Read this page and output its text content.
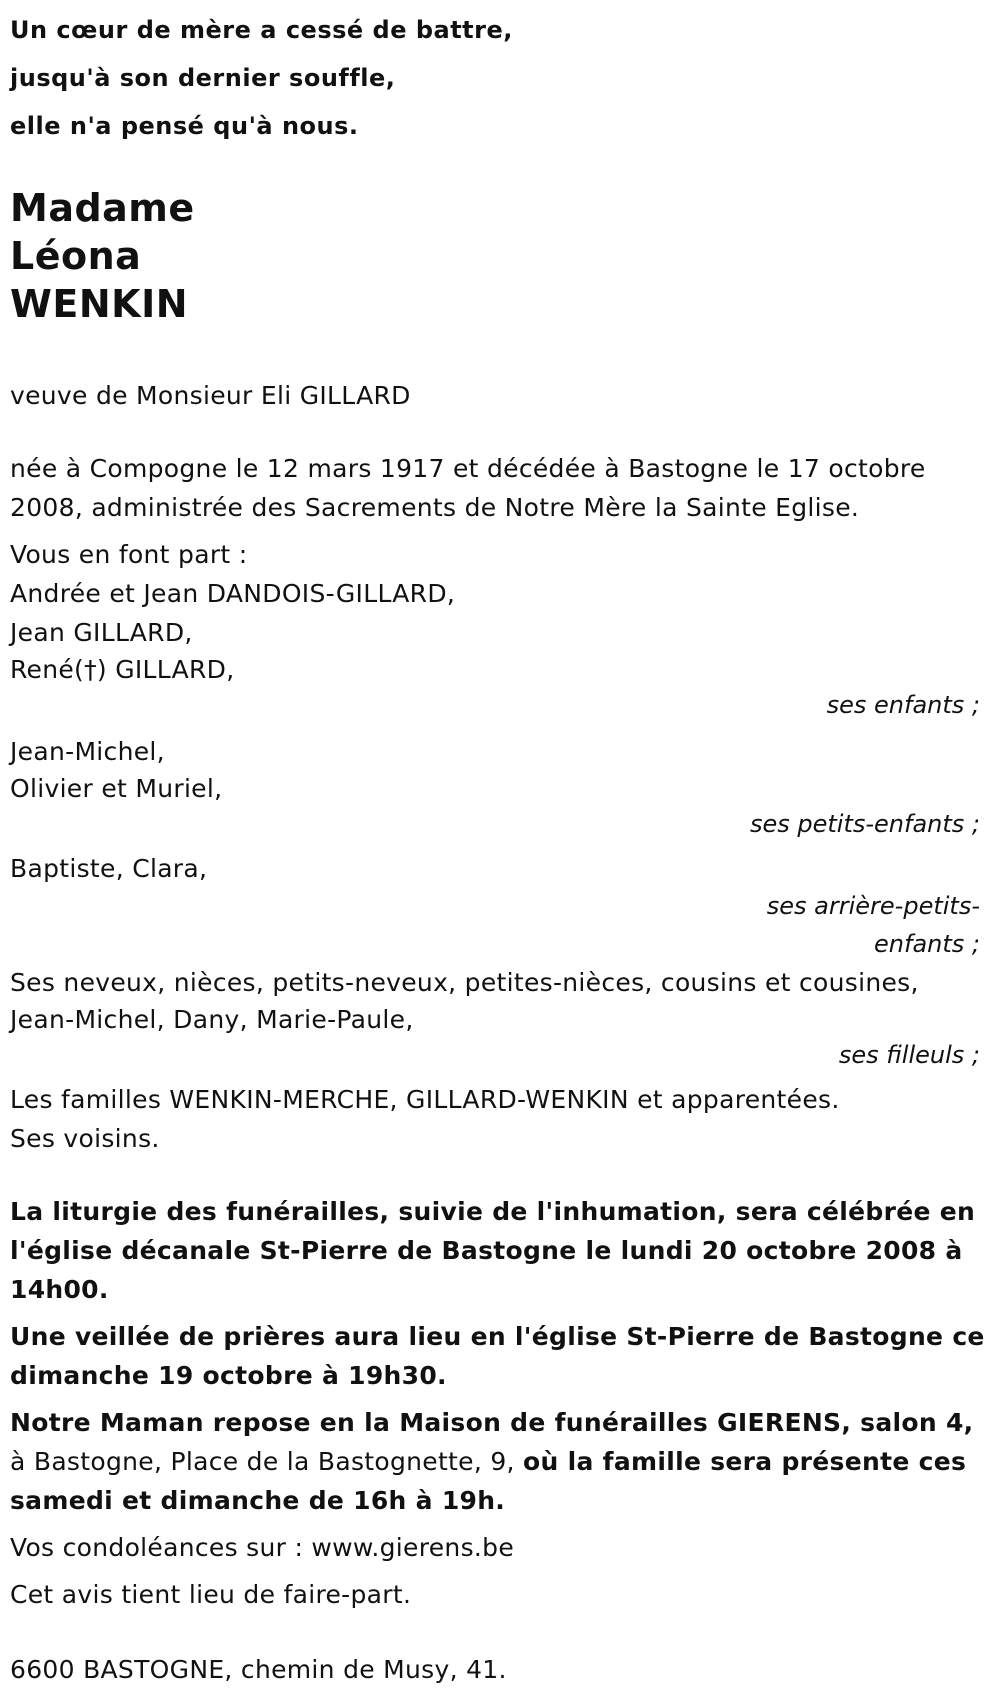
Un cœur de mère a cessé de battre,
jusqu'à son dernier souffle,
elle n'a pensé qu'à nous.
Madame
Léona
WENKIN

veuve de Monsieur Eli GILLARD

née à Compogne le 12 mars 1917 et décédée à Bastogne le 17 octobre 2008, administrée des Sacrements de Notre Mère la Sainte Eglise.

Vous en font part :
Andrée et Jean DANDOIS-GILLARD,
Jean GILLARD,
René(†) GILLARD,
ses enfants ;
Jean-Michel,
Olivier et Muriel,
ses petits-enfants ;
Baptiste, Clara,
ses arrière-petits-enfants ;
Ses neveux, nièces, petits-neveux, petites-nièces, cousins et cousines,
Jean-Michel, Dany, Marie-Paule,
ses filleuls ;
Les familles WENKIN-MERCHE, GILLARD-WENKIN et apparentées.
Ses voisins.

La liturgie des funérailles, suivie de l'inhumation, sera célébrée en l'église décanale St-Pierre de Bastogne le lundi 20 octobre 2008 à 14h00.

Une veillée de prières aura lieu en l'église St-Pierre de Bastogne ce dimanche 19 octobre à 19h30.

Notre Maman repose en la Maison de funérailles GIERENS, salon 4, à Bastogne, Place de la Bastognette, 9, où la famille sera présente ces samedi et dimanche de 16h à 19h.

Vos condoléances sur : www.gierens.be

Cet avis tient lieu de faire-part.

6600 BASTOGNE, chemin de Musy, 41.
